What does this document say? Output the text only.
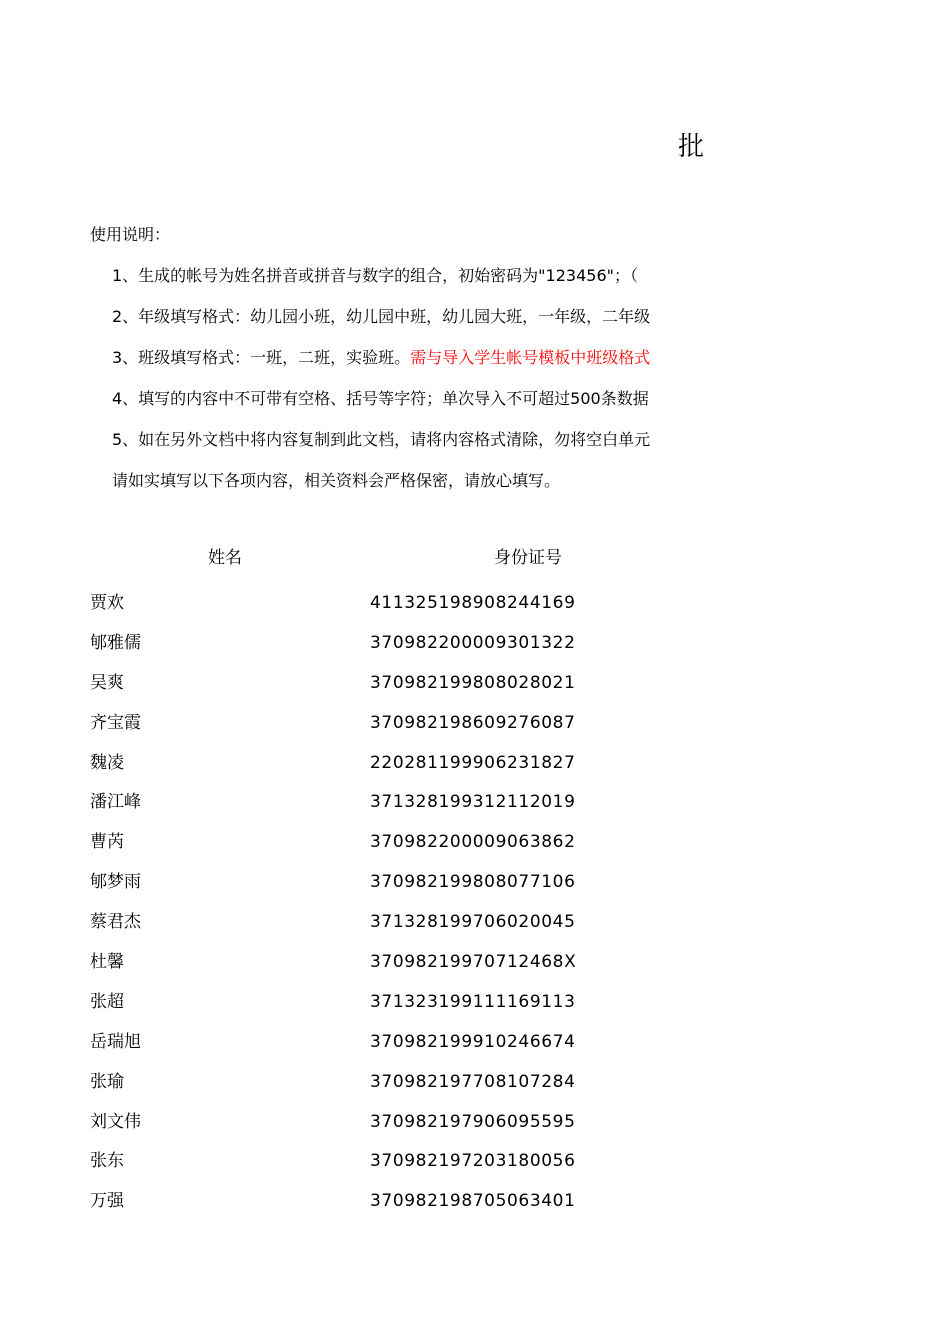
批
使用说明：
1、生成的帐号为姓名拼音或拼音与数字的组合，初始密码为"123456"；（
2、年级填写格式：幼儿园小班，幼儿园中班，幼儿园大班，一年级，二年级
3、班级填写格式：一班，二班，实验班。需与导入学生帐号模板中班级格式
4、填写的内容中不可带有空格、括号等字符；单次导入不可超过500条数据
5、如在另外文档中将内容复制到此文档，请将内容格式清除，勿将空白单元
请如实填写以下各项内容，相关资料会严格保密，请放心填写。
姓名	身份证号
贾欢	411325198908244169
郇雅儒	370982200009301322
吴爽	370982199808028021
齐宝霞	370982198609276087
魏凌	220281199906231827
潘江峰	371328199312112019
曹芮	370982200009063862
郇梦雨	370982199808077106
蔡君杰	371328199706020045
杜馨	37098219970712468X
张超	371323199111169113
岳瑞旭	370982199910246674
张瑜	370982197708107284
刘文伟	370982197906095595
张东	370982197203180056
万强	370982198705063401
